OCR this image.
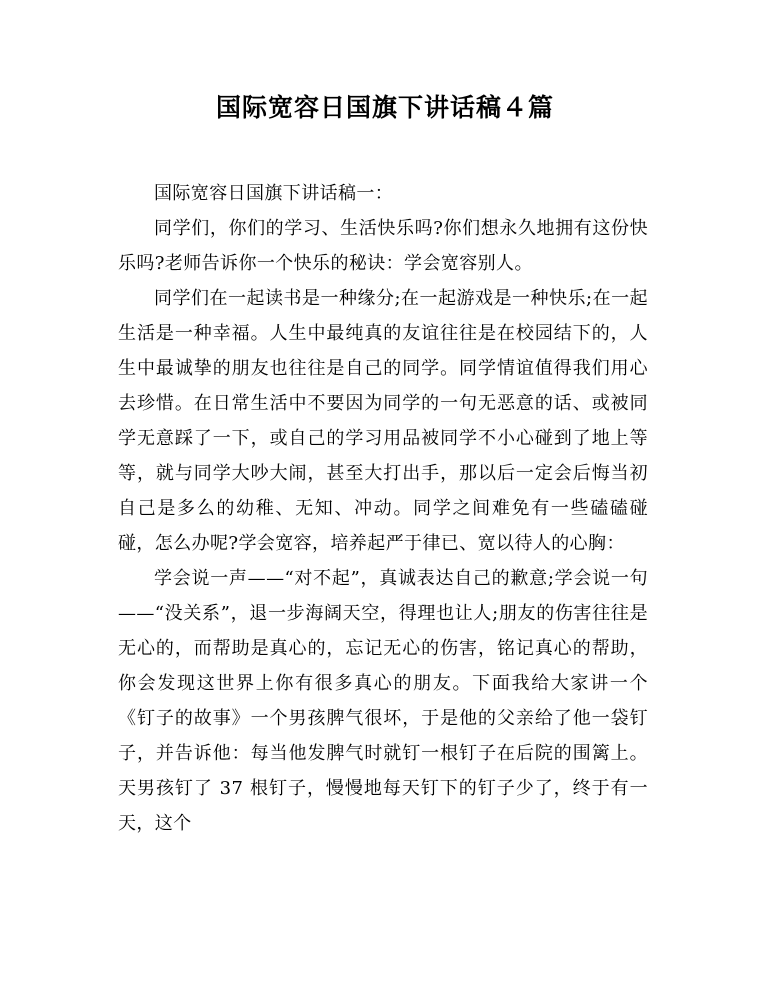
国际宽容日国旗下讲话稿４篇

国际宽容日国旗下讲话稿一：

同学们，你们的学习、生活快乐吗?你们想永久地拥有这份快乐吗?老师告诉你一个快乐的秘诀：学会宽容别人。

同学们在一起读书是一种缘分;在一起游戏是一种快乐;在一起生活是一种幸福。人生中最纯真的友谊往往是在校园结下的，人生中最诚挚的朋友也往往是自己的同学。同学情谊值得我们用心去珍惜。在日常生活中不要因为同学的一句无恶意的话、或被同学无意踩了一下，或自己的学习用品被同学不小心碰到了地上等等，就与同学大吵大闹，甚至大打出手，那以后一定会后悔当初自己是多么的幼稚、无知、冲动。同学之间难免有一些磕磕碰碰，怎么办呢?学会宽容，培养起严于律已、宽以待人的心胸：

学会说一声——“对不起”，真诚表达自己的歉意;学会说一句——“没关系”，退一步海阔天空，得理也让人;朋友的伤害往往是无心的，而帮助是真心的，忘记无心的伤害，铭记真心的帮助，你会发现这世界上你有很多真心的朋友。下面我给大家讲一个《钉子的故事》一个男孩脾气很坏，于是他的父亲给了他一袋钉子，并告诉他：每当他发脾气时就钉一根钉子在后院的围篱上。天男孩钉了 37 根钉子，慢慢地每天钉下的钉子少了，终于有一天，这个
